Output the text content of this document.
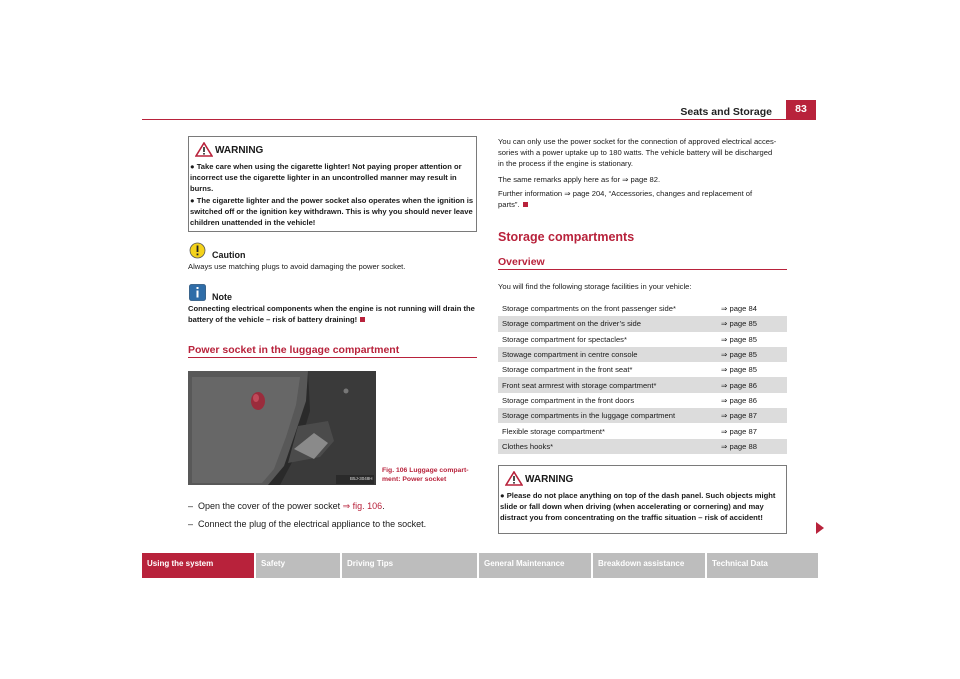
Seats and Storage	83
WARNING
● Take care when using the cigarette lighter! Not paying proper attention or incorrect use the cigarette lighter in an uncontrolled manner may result in burns.
● The cigarette lighter and the power socket also operates when the ignition is switched off or the ignition key withdrawn. This is why you should never leave children unattended in the vehicle!
Caution
Always use matching plugs to avoid damaging the power socket.
Note
Connecting electrical components when the engine is not running will drain the battery of the vehicle – risk of battery draining!
Power socket in the luggage compartment
B5J-3048H
Fig. 106 Luggage compart-
ment: Power socket
– Open the cover of the power socket ⇒ fig. 106.
– Connect the plug of the electrical appliance to the socket.
You can only use the power socket for the connection of approved electrical acces-
sories with a power uptake up to 180 watts. The vehicle battery will be discharged
in the process if the engine is stationary.
The same remarks apply here as for ⇒ page 82.
Further information ⇒ page 204, “Accessories, changes and replacement of
parts”.
Storage compartments
Overview
You will find the following storage facilities in your vehicle:
Storage compartments on the front passenger side*	⇒ page 84
Storage compartment on the driver’s side	⇒ page 85
Storage compartment for spectacles*	⇒ page 85
Stowage compartment in centre console	⇒ page 85
Storage compartment in the front seat*	⇒ page 85
Front seat armrest with storage compartment*	⇒ page 86
Storage compartment in the front doors	⇒ page 86
Storage compartments in the luggage compartment	⇒ page 87
Flexible storage compartment*	⇒ page 87
Clothes hooks*	⇒ page 88
WARNING
● Please do not place anything on top of the dash panel. Such objects might slide or fall down when driving (when accelerating or cornering) and may distract you from concentrating on the traffic situation – risk of accident!
Using the system	Safety	Driving Tips	General Maintenance	Breakdown assistance	Technical Data
